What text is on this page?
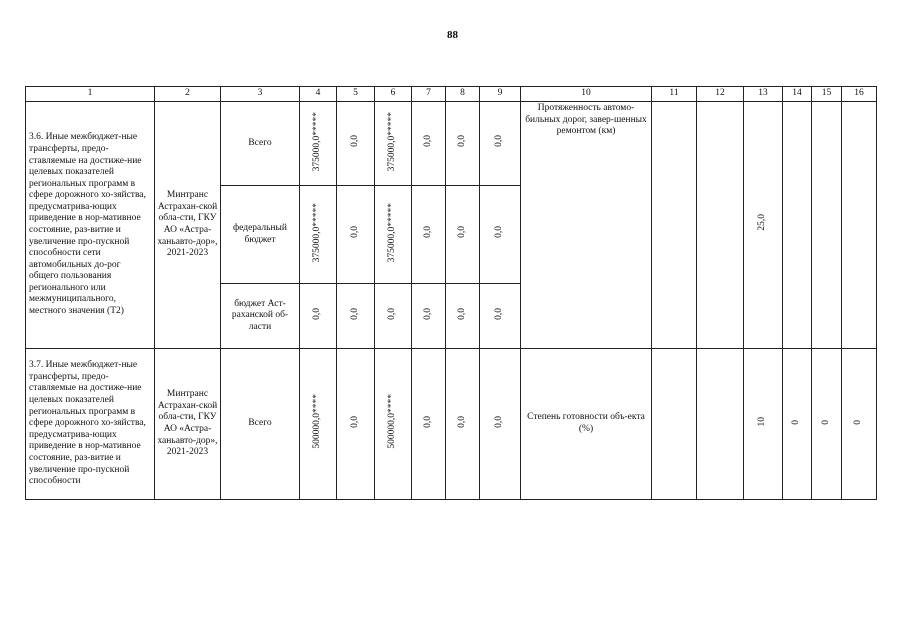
88
1	2	3	4	5	6	7	8	9	10	11	12	13	14	15	16
3.6. Иные межбюджет-ные трансферты, предо-ставляемые на достиже-ние целевых показателей региональных программ в сфере дорожного хо-зяйства, предусматрива-ющих приведение в нор-мативное состояние, раз-витие и увеличение про-пускной способности сети автомобильных до-рог общего пользования регионального или межмуниципального, местного значения (Т2)	Минтранс Астрахан-ской обла-сти, ГКУ АО «Астра-ханьавто-дор», 2021-2023	Всего	375000,0*****	0,0	375000,0*****	0,0	0,0	0,0	Протяженность автомо-бильных дорог, завер-шенных ремонтом (км)			25,0			
		федеральный бюджет	375000,0*****	0,0	375000,0*****	0,0	0,0	0,0							
		бюджет Аст-раханской об-ласти	0,0	0,0	0,0	0,0	0,0	0,0							
3.7. Иные межбюджет-ные трансферты, предо-ставляемые на достиже-ние целевых показателей региональных программ в сфере дорожного хо-зяйства, предусматрива-ющих приведение в нор-мативное состояние, раз-витие и увеличение про-пускной способности	Минтранс Астрахан-ской обла-сти, ГКУ АО «Астра-ханьавто-дор», 2021-2023	Всего	500000,0****	0,0	500000,0****	0,0	0,0	0,0	Степень готовности объ-екта (%)			10	0	0	0
